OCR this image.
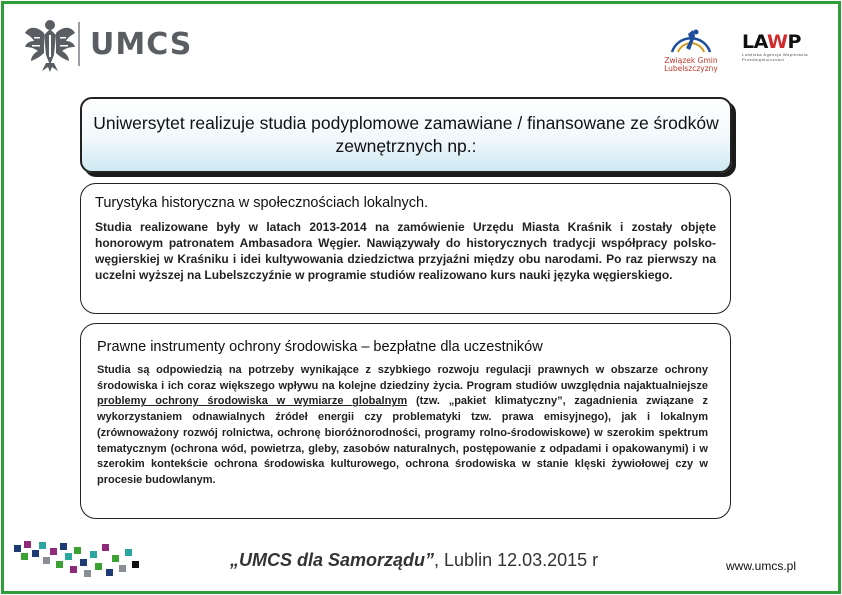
UMCS	Związek Gmin
Lubelszczyzny
LAWP
Lubelska Agencja Wspierania Przedsiębiorczości
Uniwersytet realizuje studia podyplomowe zamawiane / finansowane ze środków zewnętrznych np.:
Turystyka historyczna w społecznościach lokalnych.
Studia realizowane były w latach 2013-2014 na zamówienie Urzędu Miasta Kraśnik i zostały objęte honorowym patronatem Ambasadora Węgier. Nawiązywały do historycznych tradycji współpracy polsko-węgierskiej w Kraśniku i idei kultywowania dziedzictwa przyjaźni między obu narodami. Po raz pierwszy na uczelni wyższej na Lubelszczyźnie w programie studiów realizowano kurs nauki języka węgierskiego.
Prawne instrumenty ochrony środowiska – bezpłatne dla uczestników
Studia są odpowiedzią na potrzeby wynikające z szybkiego rozwoju regulacji prawnych w obszarze ochrony środowiska i ich coraz większego wpływu na kolejne dziedziny życia. Program studiów uwzględnia najaktualniejsze problemy ochrony środowiska w wymiarze globalnym (tzw. „pakiet klimatyczny”, zagadnienia związane z wykorzystaniem odnawialnych źródeł energii czy problematyki tzw. prawa emisyjnego), jak i lokalnym (zrównoważony rozwój rolnictwa, ochronę bioróżnorodności, programy rolno-środowiskowe) w szerokim spektrum tematycznym (ochrona wód, powietrza, gleby, zasobów naturalnych, postępowanie z odpadami i opakowanymi) i w szerokim kontekście ochrona środowiska kulturowego, ochrona środowiska w stanie klęski żywiołowej czy w procesie budowlanym.
„UMCS dla Samorządu”, Lublin 12.03.2015 r	www.umcs.pl
